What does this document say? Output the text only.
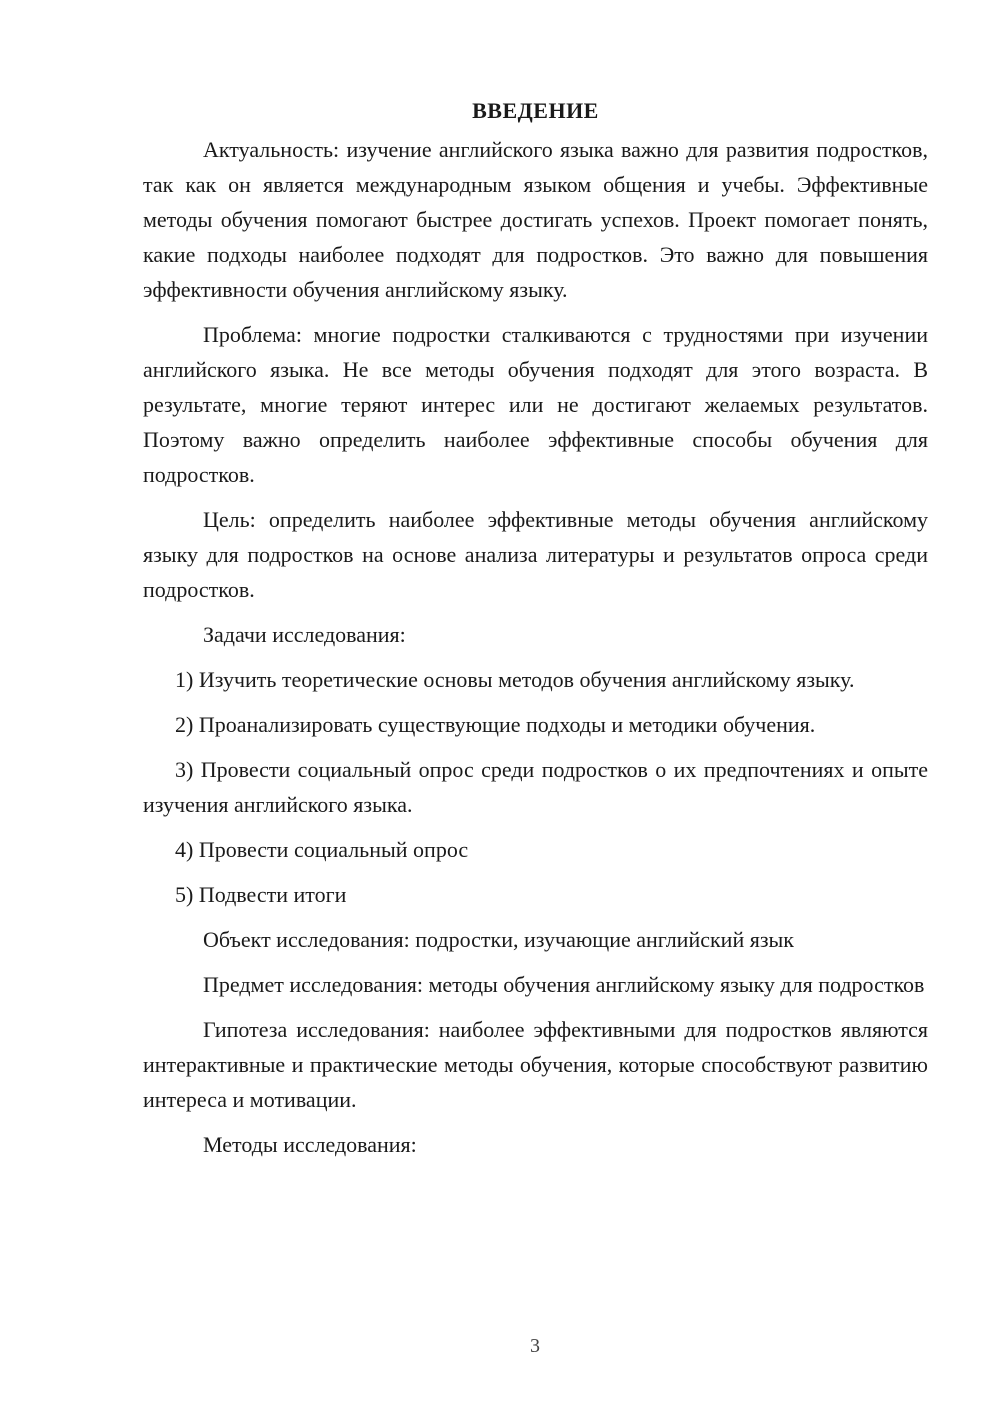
ВВЕДЕНИЕ

Актуальность: изучение английского языка важно для развития подростков, так как он является международным языком общения и учебы. Эффективные методы обучения помогают быстрее достигать успехов. Проект помогает понять, какие подходы наиболее подходят для подростков. Это важно для повышения эффективности обучения английскому языку.

Проблема: многие подростки сталкиваются с трудностями при изучении английского языка. Не все методы обучения подходят для этого возраста. В результате, многие теряют интерес или не достигают желаемых результатов. Поэтому важно определить наиболее эффективные способы обучения для подростков.

Цель: определить наиболее эффективные методы обучения английскому языку для подростков на основе анализа литературы и результатов опроса среди подростков.

Задачи исследования:

1) Изучить теоретические основы методов обучения английскому языку.

2) Проанализировать существующие подходы и методики обучения.

3) Провести социальный опрос среди подростков о их предпочтениях и опыте изучения английского языка.

4) Провести социальный опрос

5) Подвести итоги

Объект исследования: подростки, изучающие английский язык

Предмет исследования: методы обучения английскому языку для подростков

Гипотеза исследования: наиболее эффективными для подростков являются интерактивные и практические методы обучения, которые способствуют развитию интереса и мотивации.

Методы исследования:

3
